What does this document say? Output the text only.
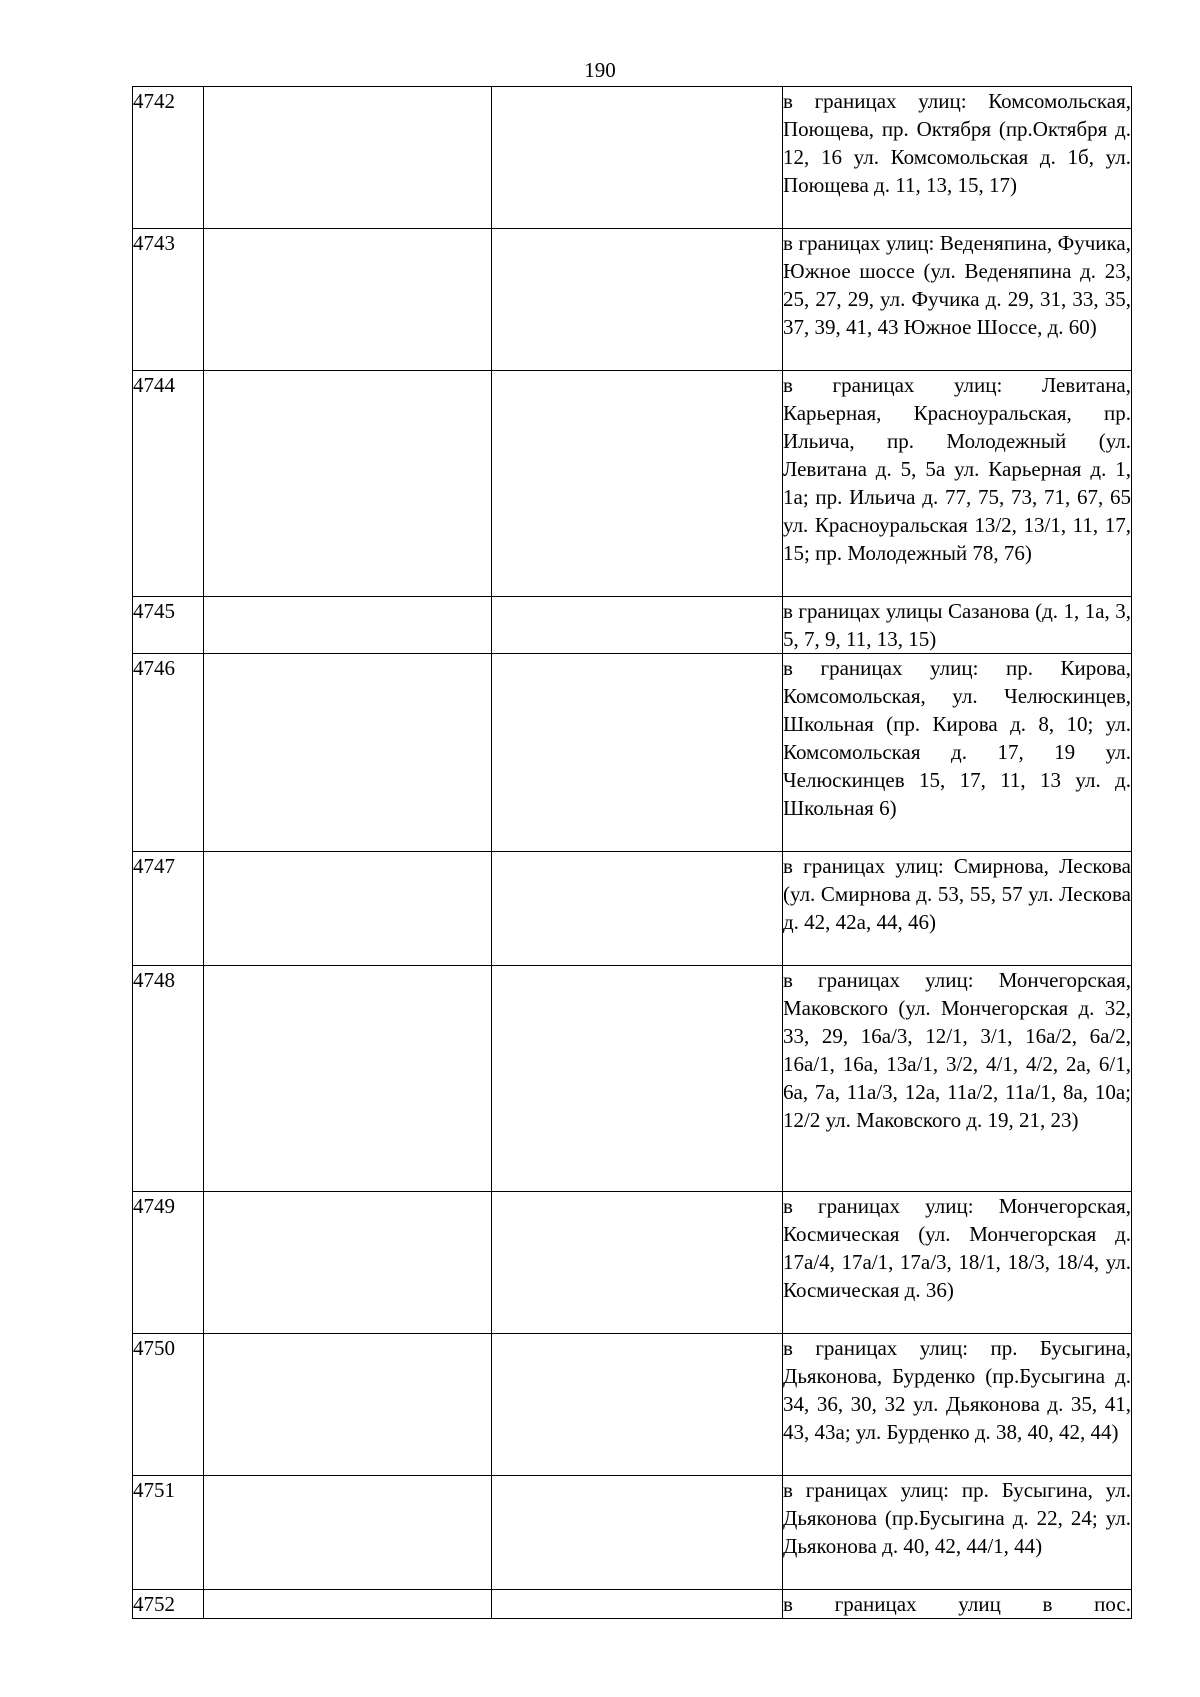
190
4742			в границах улиц: Комсомольская, Поющева, пр. Октября (пр.Октября д. 12, 16 ул. Комсомольская д. 1б, ул. Поющева д. 11, 13, 15, 17)
4743			в границах улиц: Веденяпина, Фучика, Южное шоссе (ул. Веденяпина д. 23, 25, 27, 29, ул. Фучика д. 29, 31, 33, 35, 37, 39, 41, 43 Южное Шоссе, д. 60)
4744			в границах улиц: Левитана, Карьерная, Красноуральская, пр. Ильича, пр. Молодежный (ул. Левитана д. 5, 5а ул. Карьерная д. 1, 1а; пр. Ильича д. 77, 75, 73, 71, 67, 65 ул. Красноуральская 13/2, 13/1, 11, 17, 15; пр. Молодежный 78, 76)
4745			в границах улицы Сазанова (д. 1, 1а, 3, 5, 7, 9, 11, 13, 15)
4746			в границах улиц: пр. Кирова, Комсомольская, ул. Челюскинцев, Школьная (пр. Кирова д. 8, 10; ул. Комсомольская д. 17, 19 ул. Челюскинцев 15, 17, 11, 13 ул. д. Школьная 6)
4747			в границах улиц: Смирнова, Лескова (ул. Смирнова д. 53, 55, 57 ул. Лескова д. 42, 42а, 44, 46)
4748			в границах улиц: Мончегорская, Маковского (ул. Мончегорская д. 32, 33, 29, 16а/3, 12/1, 3/1, 16а/2, 6а/2, 16а/1, 16а, 13а/1, 3/2, 4/1, 4/2, 2а, 6/1, 6а, 7а, 11а/3, 12а, 11а/2, 11а/1, 8а, 10а; 12/2 ул. Маковского д. 19, 21, 23)
4749			в границах улиц: Мончегорская, Космическая (ул. Мончегорская д. 17а/4, 17а/1, 17а/3, 18/1, 18/3, 18/4, ул. Космическая д. 36)
4750			в границах улиц: пр. Бусыгина, Дьяконова, Бурденко (пр.Бусыгина д. 34, 36, 30, 32 ул. Дьяконова д. 35, 41, 43, 43а; ул. Бурденко д. 38, 40, 42, 44)
4751			в границах улиц: пр. Бусыгина, ул. Дьяконова (пр.Бусыгина д. 22, 24; ул. Дьяконова д. 40, 42, 44/1, 44)
4752			в границах улиц в пос.
